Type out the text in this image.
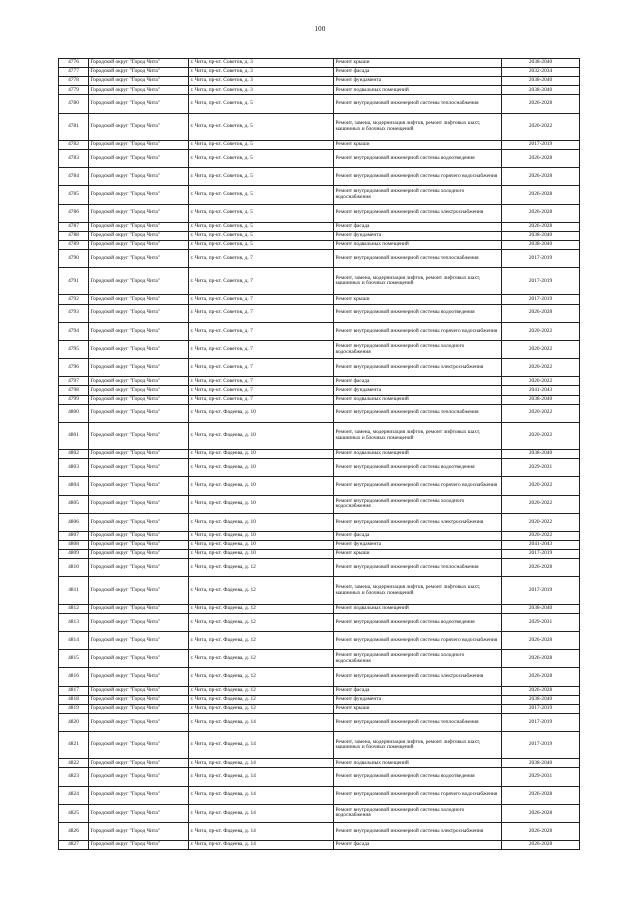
100
4776	Городской округ "Город Чита"	г. Чита, пр-кт. Советов, д. 3	Ремонт крыши	2038-2040
4777	Городской округ "Город Чита"	г. Чита, пр-кт. Советов, д. 3	Ремонт фасада	2032-2034
4778	Городской округ "Город Чита"	г. Чита, пр-кт. Советов, д. 3	Ремонт фундамента	2038-2040
4779	Городской округ "Город Чита"	г. Чита, пр-кт. Советов, д. 3	Ремонт подвальных помещений	2038-2040
4780	Городской округ "Город Чита"	г. Чита, пр-кт. Советов, д. 5	Ремонт внутридомовой инженерной системы теплоснабжения	2026-2028
4781	Городской округ "Город Чита"	г. Чита, пр-кт. Советов, д. 5	Ремонт, замена, модернизация лифтов, ремонт лифтовых шахт, машинных и блочных помещений	2020-2022
4782	Городской округ "Город Чита"	г. Чита, пр-кт. Советов, д. 5	Ремонт крыши	2017-2019
4783	Городской округ "Город Чита"	г. Чита, пр-кт. Советов, д. 5	Ремонт внутридомовой инженерной системы водоотведения	2026-2028
4784	Городской округ "Город Чита"	г. Чита, пр-кт. Советов, д. 5	Ремонт внутридомовой инженерной системы горячего водоснабжения	2026-2028
4785	Городской округ "Город Чита"	г. Чита, пр-кт. Советов, д. 5	Ремонт внутридомовой инженерной системы холодного водоснабжения	2026-2028
4786	Городской округ "Город Чита"	г. Чита, пр-кт. Советов, д. 5	Ремонт внутридомовой инженерной системы электроснабжения	2026-2028
4787	Городской округ "Город Чита"	г. Чита, пр-кт. Советов, д. 5	Ремонт фасада	2026-2028
4788	Городской округ "Город Чита"	г. Чита, пр-кт. Советов, д. 5	Ремонт фундамента	2038-2040
4789	Городской округ "Город Чита"	г. Чита, пр-кт. Советов, д. 5	Ремонт подвальных помещений	2038-2040
4790	Городской округ "Город Чита"	г. Чита, пр-кт. Советов, д. 7	Ремонт внутридомовой инженерной системы теплоснабжения	2017-2019
4791	Городской округ "Город Чита"	г. Чита, пр-кт. Советов, д. 7	Ремонт, замена, модернизация лифтов, ремонт лифтовых шахт, машинных и блочных помещений	2017-2019
4792	Городской округ "Город Чита"	г. Чита, пр-кт. Советов, д. 7	Ремонт крыши	2017-2019
4793	Городской округ "Город Чита"	г. Чита, пр-кт. Советов, д. 7	Ремонт внутридомовой инженерной системы водоотведения	2026-2028
4794	Городской округ "Город Чита"	г. Чита, пр-кт. Советов, д. 7	Ремонт внутридомовой инженерной системы горячего водоснабжения	2020-2022
4795	Городской округ "Город Чита"	г. Чита, пр-кт. Советов, д. 7	Ремонт внутридомовой инженерной системы холодного водоснабжения	2020-2022
4796	Городской округ "Город Чита"	г. Чита, пр-кт. Советов, д. 7	Ремонт внутридомовой инженерной системы электроснабжения	2020-2022
4797	Городской округ "Город Чита"	г. Чита, пр-кт. Советов, д. 7	Ремонт фасада	2020-2022
4798	Городской округ "Город Чита"	г. Чита, пр-кт. Советов, д. 7	Ремонт фундамента	2041-2043
4799	Городской округ "Город Чита"	г. Чита, пр-кт. Советов, д. 7	Ремонт подвальных помещений	2038-2040
4800	Городской округ "Город Чита"	г. Чита, пр-кт. Фадеева, д. 10	Ремонт внутридомовой инженерной системы теплоснабжения	2020-2022
4801	Городской округ "Город Чита"	г. Чита, пр-кт. Фадеева, д. 10	Ремонт, замена, модернизация лифтов, ремонт лифтовых шахт, машинных и блочных помещений	2020-2022
4802	Городской округ "Город Чита"	г. Чита, пр-кт. Фадеева, д. 10	Ремонт подвальных помещений	2038-2040
4803	Городской округ "Город Чита"	г. Чита, пр-кт. Фадеева, д. 10	Ремонт внутридомовой инженерной системы водоотведения	2029-2031
4804	Городской округ "Город Чита"	г. Чита, пр-кт. Фадеева, д. 10	Ремонт внутридомовой инженерной системы горячего водоснабжения	2020-2022
4805	Городской округ "Город Чита"	г. Чита, пр-кт. Фадеева, д. 10	Ремонт внутридомовой инженерной системы холодного водоснабжения	2020-2022
4806	Городской округ "Город Чита"	г. Чита, пр-кт. Фадеева, д. 10	Ремонт внутридомовой инженерной системы электроснабжения	2020-2022
4807	Городской округ "Город Чита"	г. Чита, пр-кт. Фадеева, д. 10	Ремонт фасада	2020-2022
4808	Городской округ "Город Чита"	г. Чита, пр-кт. Фадеева, д. 10	Ремонт фундамента	2041-2043
4809	Городской округ "Город Чита"	г. Чита, пр-кт. Фадеева, д. 10	Ремонт крыши	2017-2019
4810	Городской округ "Город Чита"	г. Чита, пр-кт. Фадеева, д. 12	Ремонт внутридомовой инженерной системы теплоснабжения	2026-2028
4811	Городской округ "Город Чита"	г. Чита, пр-кт. Фадеева, д. 12	Ремонт, замена, модернизация лифтов, ремонт лифтовых шахт, машинных и блочных помещений	2017-2019
4812	Городской округ "Город Чита"	г. Чита, пр-кт. Фадеева, д. 12	Ремонт подвальных помещений	2038-2040
4813	Городской округ "Город Чита"	г. Чита, пр-кт. Фадеева, д. 12	Ремонт внутридомовой инженерной системы водоотведения	2029-2031
4814	Городской округ "Город Чита"	г. Чита, пр-кт. Фадеева, д. 12	Ремонт внутридомовой инженерной системы горячего водоснабжения	2026-2028
4815	Городской округ "Город Чита"	г. Чита, пр-кт. Фадеева, д. 12	Ремонт внутридомовой инженерной системы холодного водоснабжения	2026-2028
4816	Городской округ "Город Чита"	г. Чита, пр-кт. Фадеева, д. 12	Ремонт внутридомовой инженерной системы электроснабжения	2026-2028
4817	Городской округ "Город Чита"	г. Чита, пр-кт. Фадеева, д. 12	Ремонт фасада	2026-2028
4818	Городской округ "Город Чита"	г. Чита, пр-кт. Фадеева, д. 12	Ремонт фундамента	2038-2040
4819	Городской округ "Город Чита"	г. Чита, пр-кт. Фадеева, д. 12	Ремонт крыши	2017-2019
4820	Городской округ "Город Чита"	г. Чита, пр-кт. Фадеева, д. 14	Ремонт внутридомовой инженерной системы теплоснабжения	2017-2019
4821	Городской округ "Город Чита"	г. Чита, пр-кт. Фадеева, д. 14	Ремонт, замена, модернизация лифтов, ремонт лифтовых шахт, машинных и блочных помещений	2017-2019
4822	Городской округ "Город Чита"	г. Чита, пр-кт. Фадеева, д. 14	Ремонт подвальных помещений	2038-2040
4823	Городской округ "Город Чита"	г. Чита, пр-кт. Фадеева, д. 14	Ремонт внутридомовой инженерной системы водоотведения	2029-2031
4824	Городской округ "Город Чита"	г. Чита, пр-кт. Фадеева, д. 14	Ремонт внутридомовой инженерной системы горячего водоснабжения	2026-2028
4825	Городской округ "Город Чита"	г. Чита, пр-кт. Фадеева, д. 14	Ремонт внутридомовой инженерной системы холодного водоснабжения	2026-2028
4826	Городской округ "Город Чита"	г. Чита, пр-кт. Фадеева, д. 14	Ремонт внутридомовой инженерной системы электроснабжения	2026-2028
4827	Городской округ "Город Чита"	г. Чита, пр-кт. Фадеева, д. 14	Ремонт фасада	2026-2028
